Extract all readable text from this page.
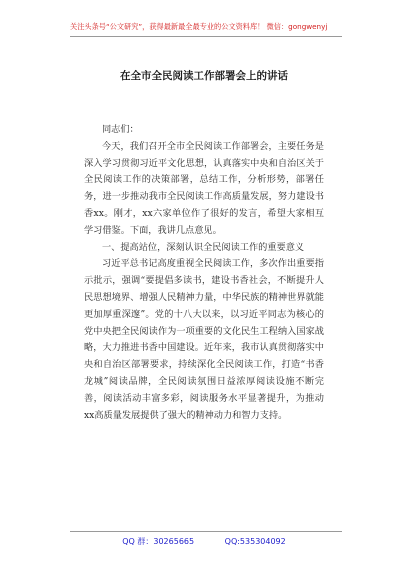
关注头条号“公文研究”，获得最新最全最专业的公文资料库！ 微信：gongwenyj
在全市全民阅读工作部署会上的讲话

同志们：

今天，我们召开全市全民阅读工作部署会，主要任务是深入学习贯彻习近平文化思想，认真落实中央和自治区关于全民阅读工作的决策部署，总结工作，分析形势，部署任务，进一步推动我市全民阅读工作高质量发展，努力建设书香xx。刚才，xx六家单位作了很好的发言，希望大家相互学习借鉴。下面，我讲几点意见。

一、提高站位，深刻认识全民阅读工作的重要意义

习近平总书记高度重视全民阅读工作，多次作出重要指示批示，强调“要提倡多读书，建设书香社会，不断提升人民思想境界、增强人民精神力量，中华民族的精神世界就能更加厚重深邃”。党的十八大以来，以习近平同志为核心的党中央把全民阅读作为一项重要的文化民生工程纳入国家战略，大力推进书香中国建设。近年来，我市认真贯彻落实中央和自治区部署要求，持续深化全民阅读工作，打造“书香龙城”阅读品牌，全民阅读氛围日益浓厚阅读设施不断完善，阅读活动丰富多彩，阅读服务水平显著提升，为推动xx高质量发展提供了强大的精神动力和智力支持。

QQ 群：30265665	QQ:535304092
